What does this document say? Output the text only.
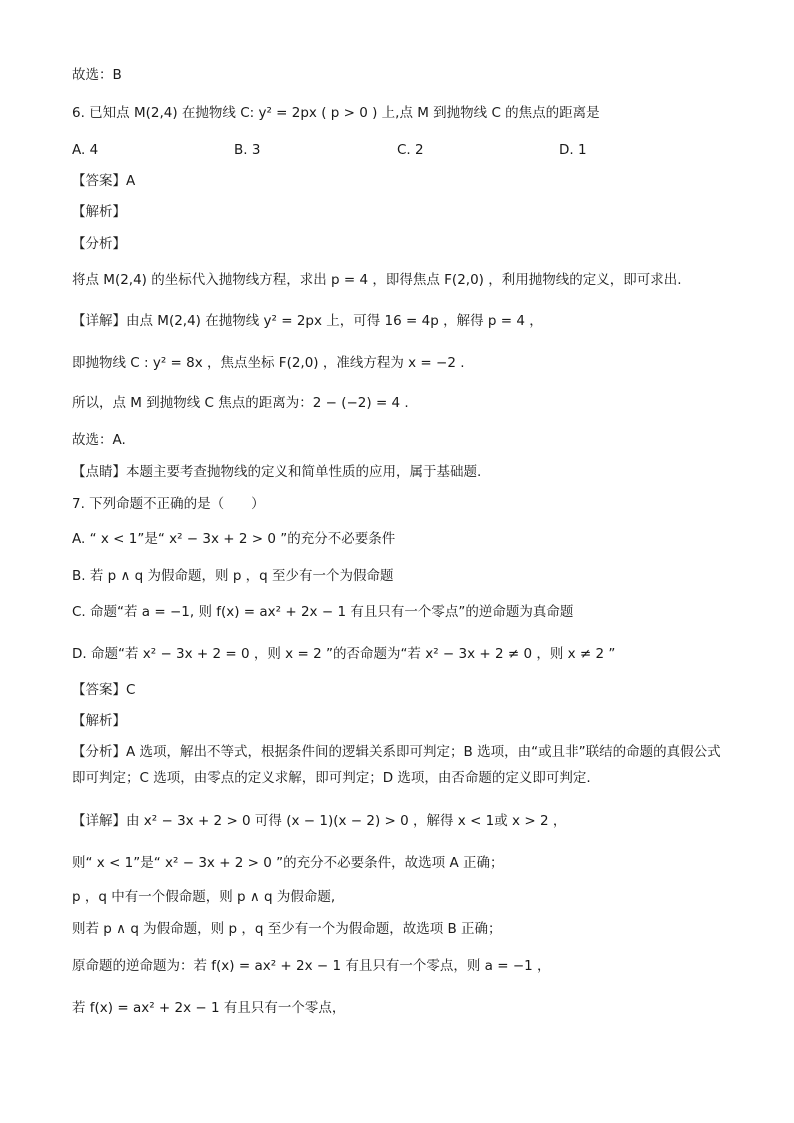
故选：B
6. 已知点 M(2,4) 在抛物线 C: y² = 2px ( p > 0 ) 上,点 M 到抛物线 C 的焦点的距离是
A. 4	B. 3	C. 2	D. 1
【答案】A
【解析】
【分析】
将点 M(2,4) 的坐标代入抛物线方程，求出 p = 4 ，即得焦点 F(2,0) ，利用抛物线的定义，即可求出.
【详解】由点 M(2,4) 在抛物线 y² = 2px 上，可得 16 = 4p ，解得 p = 4 ，
即抛物线 C : y² = 8x ，焦点坐标 F(2,0) ，准线方程为 x = −2 .
所以，点 M 到抛物线 C 焦点的距离为：2 − (−2) = 4 .
故选：A.
【点睛】本题主要考查抛物线的定义和简单性质的应用，属于基础题.
7. 下列命题不正确的是（　　）
A. “ x < 1”是“ x² − 3x + 2 > 0 ”的充分不必要条件
B. 若 p ∧ q 为假命题，则 p ，q 至少有一个为假命题
C. 命题“若 a = −1, 则 f(x) = ax² + 2x − 1 有且只有一个零点”的逆命题为真命题
D. 命题“若 x² − 3x + 2 = 0 ，则 x = 2 ”的否命题为“若 x² − 3x + 2 ≠ 0 ，则 x ≠ 2 ”
【答案】C
【解析】
【分析】A 选项，解出不等式，根据条件间的逻辑关系即可判定；B 选项，由“或且非”联结的命题的真假公式即可判定；C 选项，由零点的定义求解，即可判定；D 选项，由否命题的定义即可判定.
【详解】由 x² − 3x + 2 > 0 可得 (x − 1)(x − 2) > 0 ，解得 x < 1或 x > 2 ，
则“ x < 1”是“ x² − 3x + 2 > 0 ”的充分不必要条件，故选项 A 正确；
p ，q 中有一个假命题，则 p ∧ q 为假命题,
则若 p ∧ q 为假命题，则 p ，q 至少有一个为假命题，故选项 B 正确；
原命题的逆命题为：若 f(x) = ax² + 2x − 1 有且只有一个零点，则 a = −1 ，
若 f(x) = ax² + 2x − 1 有且只有一个零点，
